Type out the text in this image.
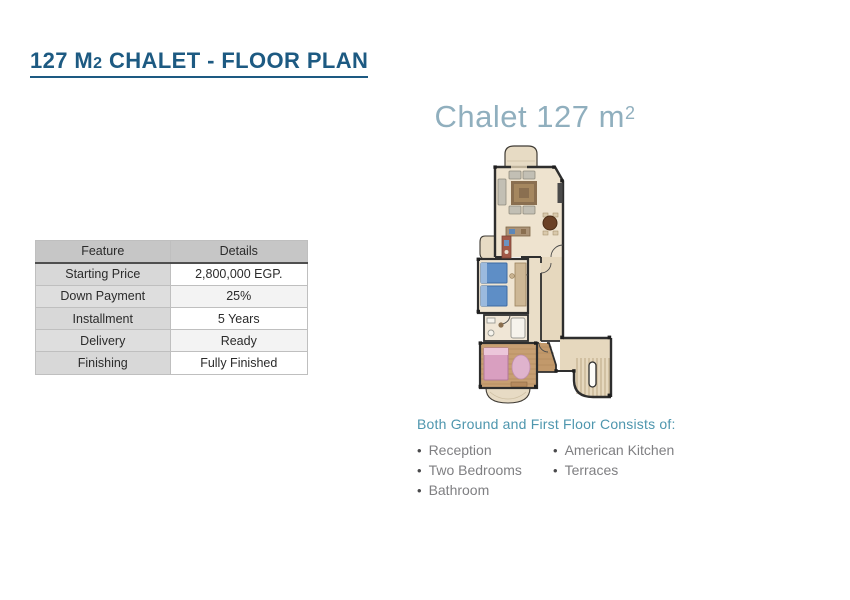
127 M2 CHALET - FLOOR PLAN
Feature	Details
Starting Price	2,800,000 EGP.
Down Payment	25%
Installment	5 Years
Delivery	Ready
Finishing	Fully Finished
Chalet 127 $m^2$
Both Ground and First Floor Consists of:
• Reception
• Two Bedrooms
• Bathroom
• American Kitchen
• Terraces
